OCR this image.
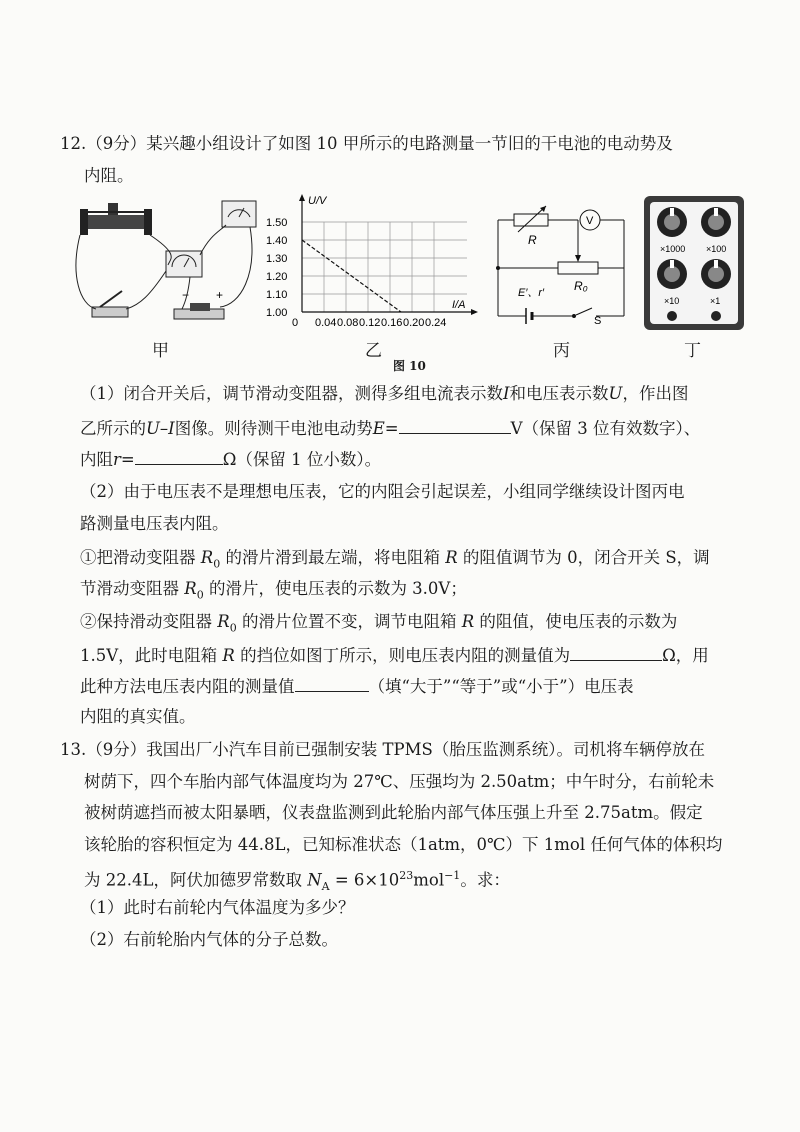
12.（9分）某兴趣小组设计了如图 10 甲所示的电路测量一节旧的干电池的电动势及
内阻。
− +
甲
U/V
I/A
1.50
1.40
1.30
1.20
1.10
1.00
0 0.04 0.08 0.12 0.16 0.20 0.24
乙
图 10
R
V
R₀
E′、r′
S
丙
×1000 ×100
×10	×1
丁
（1）闭合开关后，调节滑动变阻器，测得多组电流表示数I和电压表示数U，作出图
乙所示的U–I图像。则待测干电池电动势E=	V（保留 3 位有效数字）、
内阻r=	Ω（保留 1 位小数）。
（2）由于电压表不是理想电压表，它的内阻会引起误差，小组同学继续设计图丙电
路测量电压表内阻。
①把滑动变阻器 $R_0$ 的滑片滑到最左端，将电阻箱 R 的阻值调节为 0，闭合开关 S，调
节滑动变阻器 $R_0$ 的滑片，使电压表的示数为 3.0V；
②保持滑动变阻器 $R_0$ 的滑片位置不变，调节电阻箱 R 的阻值，使电压表的示数为
1.5V，此时电阻箱 R 的挡位如图丁所示，则电压表内阻的测量值为	Ω，用
此种方法电压表内阻的测量值	（填“大于”“等于”或“小于”）电压表
内阻的真实值。
13.（9分）我国出厂小汽车目前已强制安装 TPMS（胎压监测系统）。司机将车辆停放在
树荫下，四个车胎内部气体温度均为 27℃、压强均为 2.50atm；中午时分，右前轮未
被树荫遮挡而被太阳暴晒，仪表盘监测到此轮胎内部气体压强上升至 2.75atm。假定
该轮胎的容积恒定为 44.8L，已知标准状态（1atm，0℃）下 1mol 任何气体的体积均
为 22.4L，阿伏加德罗常数取 $N_A = 6\times 10^{23}mol^{-1}$。求：
（1）此时右前轮内气体温度为多少？
（2）右前轮胎内气体的分子总数。
